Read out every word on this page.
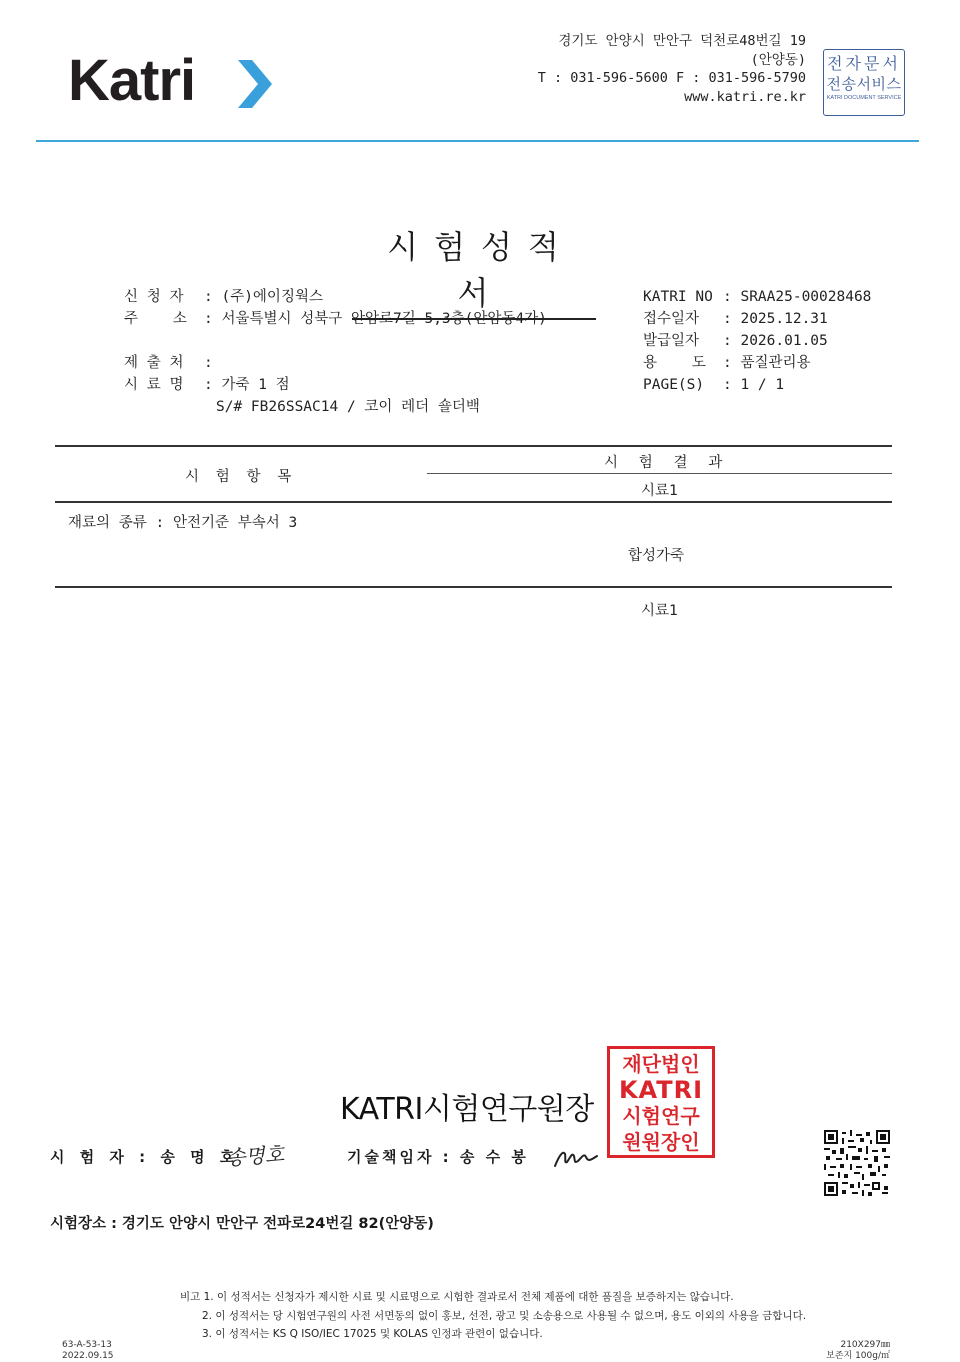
Katri
경기도 안양시 만안구 덕천로48번길 19
(안양동)
T : 031-596-5600 F : 031-596-5790
www.katri.re.kr
전자문서
전송서비스
KATRI DOCUMENT SERVICE
시험성적서
신 청 자 : (주)에이징웍스
주    소 : 서울특별시 성북구 안암로7길 5,3층(안암동4가)
제 출 처 :
시 료 명 : 가죽 1 점
S/# FB26SSAC14 / 코이 레더 숄더백
KATRI NO : SRAA25-00028468
접수일자 : 2025.12.31
발급일자 : 2026.01.05
용    도 : 품질관리용
PAGE(S) : 1 / 1
시 험 항 목
시 험 결 과
시료1
재료의 종류 : 안전기준 부속서 3
합성가죽
시료1
KATRI시험연구원장
재단법인
KATRI
시험연구
원원장인
시 험 자 : 송 명 호
송명호	기술책임자 : 송 수 봉
시험장소 : 경기도 안양시 만안구 전파로24번길 82(안양동)
비고 1. 이 성적서는 신청자가 제시한 시료 및 시료명으로 시험한 결과로서 전체 제품에 대한 품질을 보증하지는 않습니다.
2. 이 성적서는 당 시험연구원의 사전 서면동의 없이 홍보, 선전, 광고 및 소송용으로 사용될 수 없으며, 용도 이외의 사용을 금합니다.
3. 이 성적서는 KS Q ISO/IEC 17025 및 KOLAS 인정과 관련이 없습니다.
63-A-53-13
2022.09.15
210X297㎜
보존지 100g/㎡
